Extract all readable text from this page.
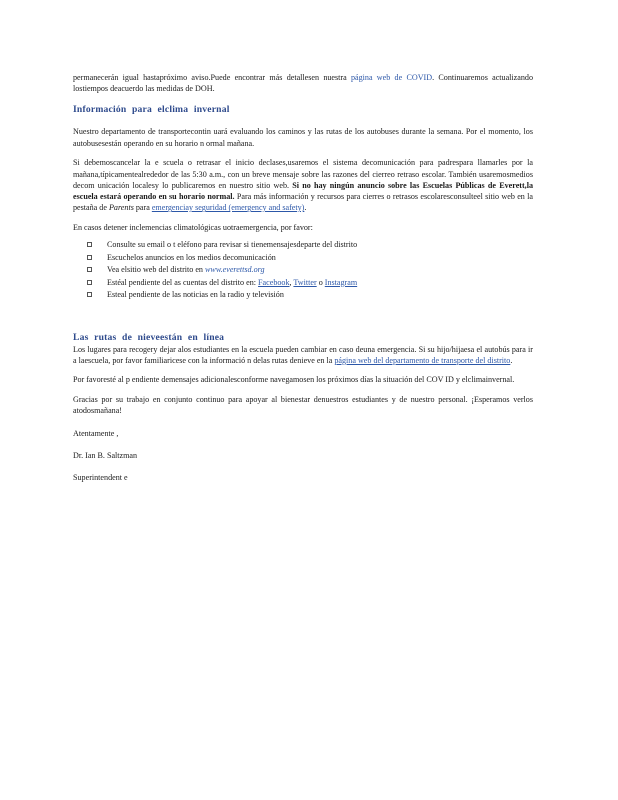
permanecerán igual hastapróximo aviso.Puede encontrar más detallesen nuestra página web de COVID. Continuaremos actualizando lostiempos deacuerdo las medidas de DOH.

Información para elclima invernal

Nuestro departamento de transportecontin uará evaluando los caminos y las rutas de los autobuses durante la semana. Por el momento, los autobusesestán operando en su horario n ormal mañana.

Si debemoscancelar la e scuela o retrasar el inicio declases,usaremos el sistema decomunicación para padrespara llamarles por la mañana,típicamentealrededor de las 5:30 a.m., con un breve mensaje sobre las razones del cierreo retraso escolar. También usaremosmedios decom unicación localesy lo publicaremos en nuestro sitio web. Si no hay ningún anuncio sobre las Escuelas Públicas de Everett,la escuela estará operando en su horario normal. Para más información y recursos para cierres o retrasos escolaresconsulteel sitio web en la pestaña de Parents para emergenciay seguridad (emergency and safety).

En casos detener inclemencias climatológicas uotraemergencia, por favor:

Consulte su email o t eléfono para revisar si tienemensajesdeparte del distrito
Escuchelos anuncios en los medios decomunicación
Vea elsitio web del distrito en www.everettsd.org
Estéal pendiente del as cuentas del distrito en: Facebook, Twitter o Instagram
Esteal pendiente de las noticias en la radio y televisión
Las rutas de nieveestán en línea

Los lugares para recogery dejar alos estudiantes en la escuela pueden cambiar en caso deuna emergencia. Si su hijo/hijaesa el autobús para ir a laescuela, por favor familiaricese con la informació n delas rutas denieve en la página web del departamento de transporte del distrito.

Por favoresté al p endiente demensajes adicionalesconforme navegamosen los próximos días la situación del COV ID y elclimainvernal.

Gracias por su trabajo en conjunto continuo para apoyar al bienestar denuestros estudiantes y de nuestro personal. ¡Esperamos verlos atodosmañana!

Atentamente ,

Dr. Ian B. Saltzman

Superintendent e
